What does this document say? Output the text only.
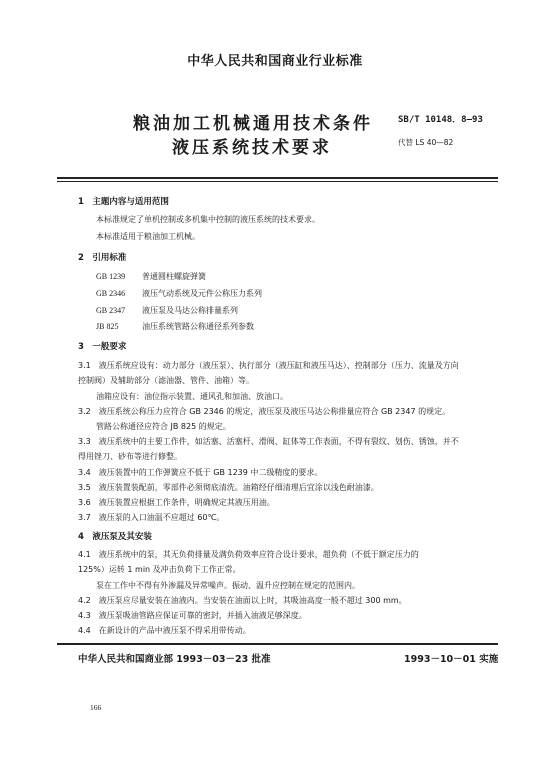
中华人民共和国商业行业标准
粮油加工机械通用技术条件
液压系统技术要求
SB/T 10148．8—93
代替 LS 40—82
1　主题内容与适用范围
本标准规定了单机控制或多机集中控制的液压系统的技术要求。
本标准适用于粮油加工机械。
2　引用标准
GB 1239 普通圆柱螺旋弹簧
GB 2346 液压气动系统及元件公称压力系列
GB 2347 液压泵及马达公称排量系列
JB 825	油压系统管路公称通径系列参数
3　一般要求
3.1　液压系统应设有：动力部分（液压泵）、执行部分（液压缸和液压马达）、控制部分（压力、流量及方向
控制阀）及辅助部分（滤油器、管件、油箱）等。
油箱应设有：油位指示装置、通风孔和加油、放油口。
3.2　液压系统公称压力应符合 GB 2346 的规定，液压泵及液压马达公称排量应符合 GB 2347 的规定。
管路公称通径应符合 JB 825 的规定。
3.3　液压系统中的主要工作件，如活塞、活塞杆、滑阀、缸体等工作表面，不得有裂纹、划伤、锈蚀，并不
得用锉刀、砂布等进行修整。
3.4　液压装置中的工作弹簧应不低于 GB 1239 中二级精度的要求。
3.5　液压装置装配前，零部件必须彻底清洗。油箱经仔细清理后宜涂以浅色耐油漆。
3.6　液压装置应根据工作条件，明确规定其液压用油。
3.7　液压泵的入口油温不应超过 60℃。
4　液压泵及其安装
4.1　液压系统中的泵，其无负荷排量及满负荷效率应符合设计要求，超负荷（不低于额定压力的
125%）运转 1 min 及冲击负荷下工作正常。
泵在工作中不得有外渗漏及异常噪声。振动、温升应控制在规定的范围内。
4.2　液压泵应尽量安装在油液内。当安装在油面以上时，其吸油高度一般不超过 300 mm。
4.3　液压泵吸油管路应保证可靠的密封，并插入油液足够深度。
4.4　在新设计的产品中液压泵不得采用带传动。
中华人民共和国商业部 1993－03－23 批准	1993－10－01 实施
166
